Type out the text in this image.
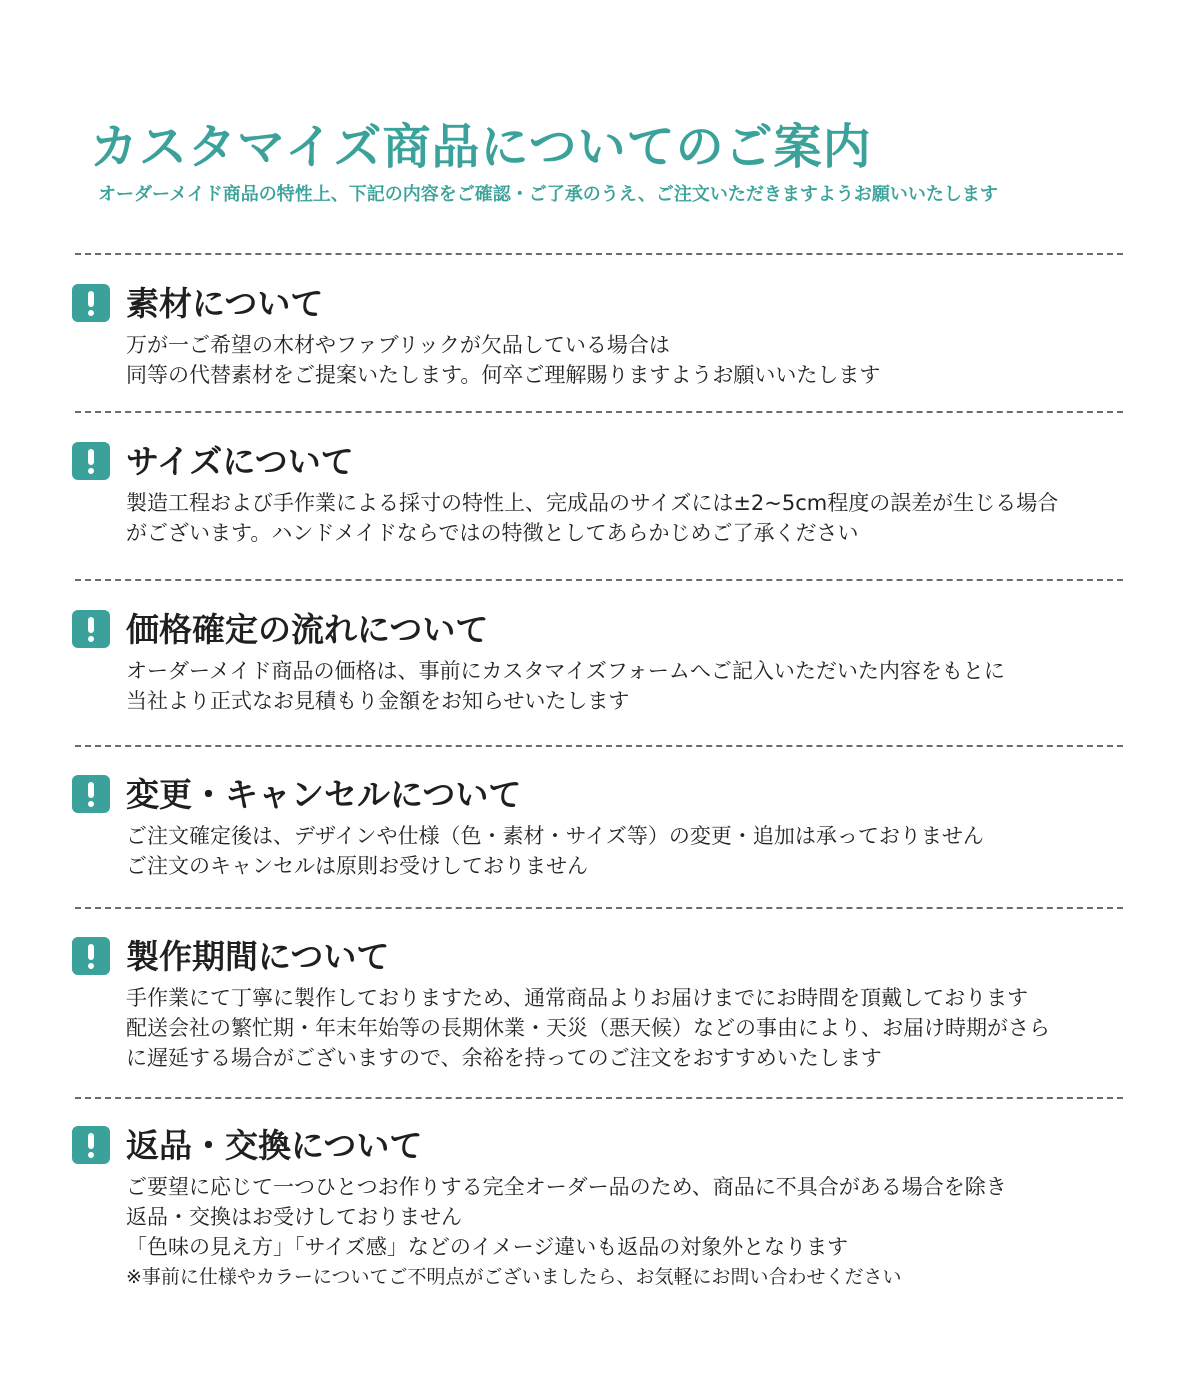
カスタマイズ商品についてのご案内

オーダーメイド商品の特性上、下記の内容をご確認・ご了承のうえ、ご注文いただきますようお願いいたします

素材について
万が一ご希望の木材やファブリックが欠品している場合は
同等の代替素材をご提案いたします。何卒ご理解賜りますようお願いいたします
サイズについて
製造工程および手作業による採寸の特性上、完成品のサイズには±2~5cm程度の誤差が生じる場合
がございます。ハンドメイドならではの特徴としてあらかじめご了承ください
価格確定の流れについて
オーダーメイド商品の価格は、事前にカスタマイズフォームへご記入いただいた内容をもとに
当社より正式なお見積もり金額をお知らせいたします
変更・キャンセルについて
ご注文確定後は、デザインや仕様（色・素材・サイズ等）の変更・追加は承っておりません
ご注文のキャンセルは原則お受けしておりません
製作期間について
手作業にて丁寧に製作しておりますため、通常商品よりお届けまでにお時間を頂戴しております
配送会社の繁忙期・年末年始等の長期休業・天災（悪天候）などの事由により、お届け時期がさら
に遅延する場合がございますので、余裕を持ってのご注文をおすすめいたします
返品・交換について
ご要望に応じて一つひとつお作りする完全オーダー品のため、商品に不具合がある場合を除き
返品・交換はお受けしておりません
「色味の見え方」「サイズ感」などのイメージ違いも返品の対象外となります
※事前に仕様やカラーについてご不明点がございましたら、お気軽にお問い合わせください
